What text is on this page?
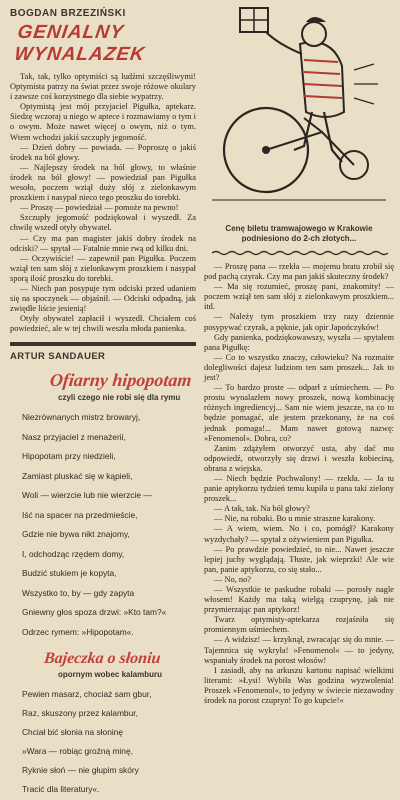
BOGDAN BRZEZIŃSKI
GENIALNY WYNALAZEK

Tak, tak, tylko optymiści są ludźmi szczęśliwymi! Optymista patrzy na świat przez swoje różowe okulary i zawsze coś korzystnego dla siebie wypatrzy.

Optymistą jest mój przyjaciel Pigułka, aptekarz. Siedzę wczoraj u niego w aptece i rozmawiamy o tym i o owym. Może nawet więcej o owym, niż o tym. Wtem wchodzi jakiś szczupły jegomość.

— Dzień dobry — powiada. — Poproszę o jakiś środek na ból głowy.

— Najlepszy środek na ból głowy, to właśnie środek na ból głowy! — powiedział pan Pigułka wesoło, poczem wziął duży słój z zielonkawym proszkiem i nasypał nieco tego proszku do torebki.

— Proszę — powiedział — pomoże na pewno!

Szczupły jegomość podziękował i wyszedł. Za chwilę wszedł otyły obywatel.

— Czy ma pan magister jakiś dobry środek na odciski? — spytał — Fatalnie mnie rwą od kilku dni.

— Oczywiście! — zapewnił pan Pigułka. Poczem wziął ten sam słój z zielonkawym proszkiem i nasypał sporą ilość proszku do torebki.

— Niech pan posypuje tym odciski przed udaniem się na spoczynek — objaśnił. — Odciski odpadną, jak zwiędłe liście jesienią!

Otyły obywatel zapłacił i wyszedł. Chciałem coś powiedzieć, ale w tej chwili weszła młoda panienka.

ARTUR SANDAUER
Ofiarny hipopotam
czyli czego nie robi się dla rymu
Niezrównanych mistrz browaryj,
Nasz przyjaciel z menażerii,
Hipopotam przy niedzieli,
Zamiast pluskać się w kąpieli,
Woli — wierzcie lub nie wierzcie —
Iść na spacer na przedmieście,
Gdzie nie bywa nikt znajomy,
I, odchodząc rzędem domy,
Budzić stukiem je kopyta,
Wszystko to, by — gdy zapyta
Gniewny głos spoza drzwi: »Kto tam?«
Odrzec rymem: »Hipopotam«.
Bajeczka o słoniu
opornym wobec kalamburu
Pewien masarz, chociaż sam gbur,
Raz, skuszony przez kalambur,
Chciał bić słonia na słoninę
»Wara — robiąc groźną minę,
Ryknie słoń — nie głupim skóry
Tracić dla literatury«.
Cenę biletu tramwajowego w Krakowie podniesiono do 2-ch złotych...

— Proszę pana — rzekła — mojemu bratu zrobił się pod pachą czyrak. Czy ma pan jakiś skuteczny środek?

— Ma się rozumieć, proszę pani, znakomity! — poczem wziął ten sam słój z zielonkawym proszkiem... itd.

— Należy tym proszkiem trzy razy dziennie posypywać czyrak, a pęknie, jak opir Japończyków!

Gdy panienka, podziękowawszy, wyszła — spytałem pana Pigułkę:

— Co to wszystko znaczy, człowieku? Na rozmaite dolegliwości dajesz ludziom ten sam proszek... Jak to jest?

— To bardzo proste — odparł z uśmiechem. — Po prostu wynalazłem nowy proszek, nową kombinację różnych ingrediencyj... Sam nie wiem jeszcze, na co to będzie pomagać, ale jestem przekonany, że na coś jednak pomaga!... Mam nawet gotową nazwę: »Fenomenol«. Dobra, co?

Zanim zdążyłem otworzyć usta, aby dać mu odpowiedź, otworzyły się drzwi i weszła kobieciną, obrana z wiejska.

— Niech będzie Pochwalony! — rzekła. — Ja tu panie aptykorzu tydzień temu kupiła u pana taki zielony proszek...

— A tak, tak. Na ból głowy?

— Nie, na robaki. Bo u mnie straszne karakony.

— A wiem, wiem. No i co, pomógł? Karakony wyzdychały? — spytał z ożywieniem pan Pigułka.

— Po prawdzie powiedzieć, to nie... Nawet jeszcze lepiej juchy wyglądają. Tłuste, jak wieprzki! Ale wie pan, panie aptykorzu, co się stało...

— No, no?

— Wszystkie te paskudne robaki — porosły nagle włosem! Każdy ma taką wielgą czuprynę, jak nie przymierzając pan aptykorz!

Twarz optymisty-aptekarza rozjaśniła się promiennym uśmiechem.

— A widzisz! — krzyknął, zwracając się do mnie. — Tajemnica się wykryła! »Fenomenol« — to jedyny, wspaniały środek na porost włosów!

I zasiadł, aby na arkuszu kartonu napisać wielkimi literami: »Łysi! Wybiła Was godzina wyzwolenia! Proszek »Fenomenol«, to jedyny w świecie niezawodny środek na porost czupryn! To go kupcie!«
